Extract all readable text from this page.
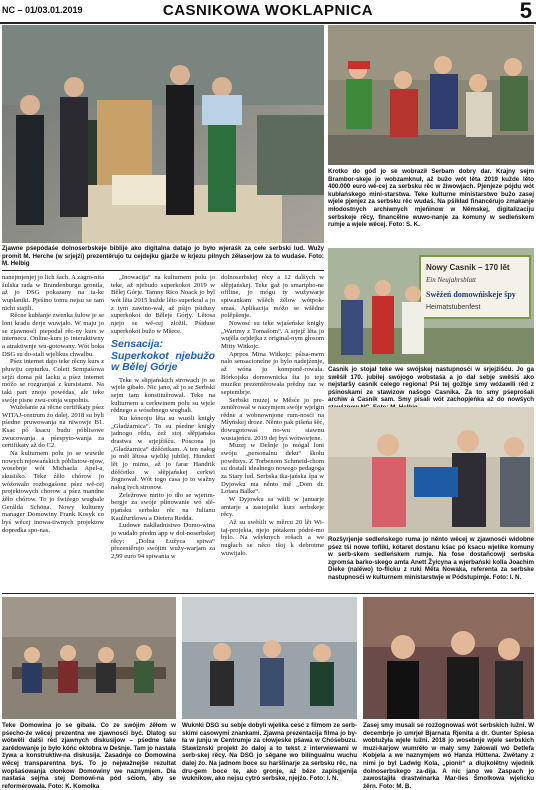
NC – 01/03.01.2019	CASNIKOWA WOKLAPNICA	5
Krotko do góđ jo se wobraził Serbam dobry dar. Krajny sejm Brambor-skeje jo wobzamknuł, až bužo wót lěta 2019 kužde lěto 400.000 euro wě-cej za serbsku rěc w žiwowjach. Pjenjeze pójdu wót kubłańskego mini-starstwa. Teke kulturne ministarstwo bužo zasej wjele pjenjez za serbsku rěc wudaś. Na pśikład financěrujo zmakanje młodostnych archiwnych mjeńinow w Němskej, digitalizaciju serbskeje rěcy, financělne wuwo-nanje za komuny w sedleńskem rumje a wjele wěcej. Foto: S. K.
Zjawne pśepódaśe dolnoserbskeje biblije ako digitalna datajo jo było wjeraśk za cełe serbski lud. Wužy promit M. Herche (w srjejźi) prezentěrujo tu cejdejku gjarže w krjezu pilnych źěłaserjow za to wudaśe. Foto: M. Helbig

nanejmjenjej jo lich šach. A zagro-nita šulska rada w Brandenburgu gronila, až jo DSG pokazany na ta-ke wupłaniki. Pjeśino tomu nejsu se tam nicht stajili.

Rěcne kubłanje zwenka šulow je se loni kradu derje wuwjało. W maju jo se zjawnosći piepodał rěc-ny kurs w internecu. Online-kurs jo interaktiwny a atraktiwnje wu-gotowany. Wót boka DSG su do-stali wjelikus chwalbu.

Pśez internet dajo teke rěcny kurs z płuwiju cepturku. Colett Sempaśowa sejźi doma pśi lacku a pśez internet móžo se rozgranjaś z kursistami. Na taki part znojo powédas, ale teke swóje pisne zwu-conja wupołnis.

Wužełanie za rěcne certifikaty pśez WITAJ-centrum źo dalej. 2018 su byli pśedne pruwowanja na niwowje B1. Ksac pó ksacu budu póblisowe zwucowanja a pśespyto-wanja za certifikaty až do C2.

Na kulturnem polu jo se wuwiłe nowych rejowańskich póblistow-njow, wosebnje wót Michaela Apel-a, skusiśko. Teke źěło chórow jo wóźowało rozbogaśone pśez wě-cej projektowych chorow a pśez mandne źěło chórow. To jo šwiźego wugbale Gerálda Schöna. Nowy kulturny manager Domowiny Frank Kosyk co byś wěcej inowa-tiwnych projektow dopredka spo-nas.

„Inowacija“ na kulturnem polu jo teke, až njebudo superkokot 2019 w Bělej Górje. Tamny Rico Noack jo byl wót lěta 2015 kužde lěto superkral a jo z tym zawino-wał, až pśijo pśidusy superkokot do Běleje Górjy. Lětosa njejo se wě-cej złožił. Pśiduse superkokot bužo w Mšece.

Sensacija: Superkokot njebužo w Bělej Górje

Teke w słipjańskich strowach jo se wjele gibało. Nic jano, až jo se Serbski sejm tam konstituěrował. Teke na kulturnem a cerkwinem polu su wjele rědnego a wósebnego wugbali.

Ku kóncoju lěta su wuzili knigły „Gładźarnica“. To su pśedne knigły jadnogo rědu, źež stoj słěpjańska drastwa w srjejźišću. Póscona jo „Gładźarnica“ dźěćetkam. A ten nałog jo měł lětosa wjelikj jubilej. Hundert lět jo mimo, až jo farar Handrik dźěćetko w słěpjańskej cerkwi žognował. Wót togo casa jo to wažny nałog tych stronow.

Zeležrowe mrito jo dło se wjerim-bergje za swóje płinowanie wó slě-pjańsku serbsku rěc na Julianu Kaulfurtšowu a Dietera Redda.

Ludowe naklładnistwo Domo-wina jo wudało pŕedm app w dol-noserbskej rěcy: „Dolna Łužyca spiwa“ pŕezentěrujo swójim wužy-warjam za 2,99 euro 94 spiwania w

dolnoserbskej rěcy a 12 dalšych w słěpjańskej. Teke gaž jo smartpho-ne offline, jo mógu ty wužywarje spiwankam wšěch źělow wótpok-smaś. Aplikacija móžo se wšědne polěpšenje.

Nowosć su teke wjaśeńske knigły „Warimy z Tomašom“. A srjejź lěta jo wujěla cejdejka z original-nym głosom Mitty Witkojc.

Aprpos Mina Witkojc: pśisa-mem nalo sensacionelne jo bylo nadejźenje, až wóna jo komponě-rowała. Bórkojska domownicka šta jo teje muziku prezentěrowała prědny raz w septembrje.

Serbski muzej w Měsće jo pre-zentěrował w nazymjem swóje wjelgin rědne a wobnownjone rum-nosći na Młyńskej droze. Něnto pak pišeńa šěć, dowugotowaś no-wu stawnu wustajeńcu. 2019 dej byś wótworjene.

Muzej w Dešnje jo mógał loni swóju „personalnu deku“ škołu powětsys. Z Torbenom Schmeid-chom su dostali idealnego nowego pedagoga za Stary lud. Serbska tka-jańska špa w Dyjowku ma něnto mě „Dom dr. Lotara Balke“.

W Dyjowku sa wšili w januarje amtarje a zastojniki kurs serbskeje rěcy.

Až su swěśili w měrcu 20 lět Wi-taj-projekta, njejo pótakem pódré-mo bylo. Na wšyknych rošach a we nugłach se něco tšoj k debrotme wuwijało.

Nowy Casnik – 170 lět
Ein Neujahrsblatt
Swěźeń domowńiskeje špy
Heimatstubenfest
Casnik jo stojał teke we swójskej nastupnosći w srjejźišću. Jo ga swěśił 170. jubilej swójogo wobstaśa a jo dał sebje swěśiś ako nejstaršy casnik celego regiona! Pśi tej gožbje smy wóźawili rěd z pśinoskami ze stawizow našogo Casnika. Za to smy pśeprošali archiw a Casnik sam. Smy pisali wót zachopjeńka až do nowšych
Rozšyrjenje sedleńskego ruma jo něnto wěcej w zjawnosći widobne pśez tśi nowe tofliki, kótaret dostanu kśac pó ksacu wjelike komuny w serb-skem sedleńskem rumje. Na fose dostañcowji serbska zgromśa barko-skego amta Anett Žyicyna a wjerbański kolla Joachim Dieke (nalěwo) to-flicku z ruki Měta Nowaka, referenta za serbske nastupnosći w kulturnem ministarstwje w Pódstupimje. Foto: I. N.
Teke Domowina jo se gibała. Co ze swójim źěłom w pśecho-źe wěcej prezentna we zjawnosći być. Dlatog su wótwěli dalši rěd zjawnych diskusijow – pśedne take zarědowanje jo było kóńc oktobra w Dešnje. Tam jo nastała žywa a konstruktiw-na diskusija. Zasadnje co Domowina wěcej transparentna byś. To jo nejwažnejše rezultat wopšaśowanja cłonkow Domowiny we naznymjem. Dla nastaśa sejma stej Domowi-na pód sćiom, aby se reformérowała. Foto: K. Komolka
Wuknki DSG su sebje dobyli wjelika cesć z filmom ze serb-skimi casowymi znankami. Zjawna prezentacija filma jo by-ła w junju w Centrumje za cłowjeske pšawa w Chóśebuzu. Stawiznski projekt źo daloj a to tekst z interwiewami w serb-skej rěcy. Na DSG jo sěgane wo bilingualnu wuchu dalej źo. Na jadnom boce su haršlinarje za serbsku rěc, na dru-gem boce te, ako gronje, až běze zapisgjenija wuknikow, ako nejsu cytró serbske, njejźo. Foto: I. N.
Zasej smy musali se rozžognowaś wót serbskich lužni. W decembrje jo umrjeł Bjarnata Rjenita a dr. Gunter Spiesa wobtužyła wjele lužni. 2018 jo wosebnje wjele serbskich muzi-karjow wumrěło w mały smy žałowali wó Detlefa Kobjela a we naznymjem wó Hanza Hüttena. Zwětany z nimi jo byl Ladwig Kola, „pionir“ a dlujkolětny wjednik dolnoserbskego za-dija. A nic jano we Zaspach jo zawostajiła drastwinarka Mar-lies Šmolkowa wjelicku źěrn. Foto: M. B.
